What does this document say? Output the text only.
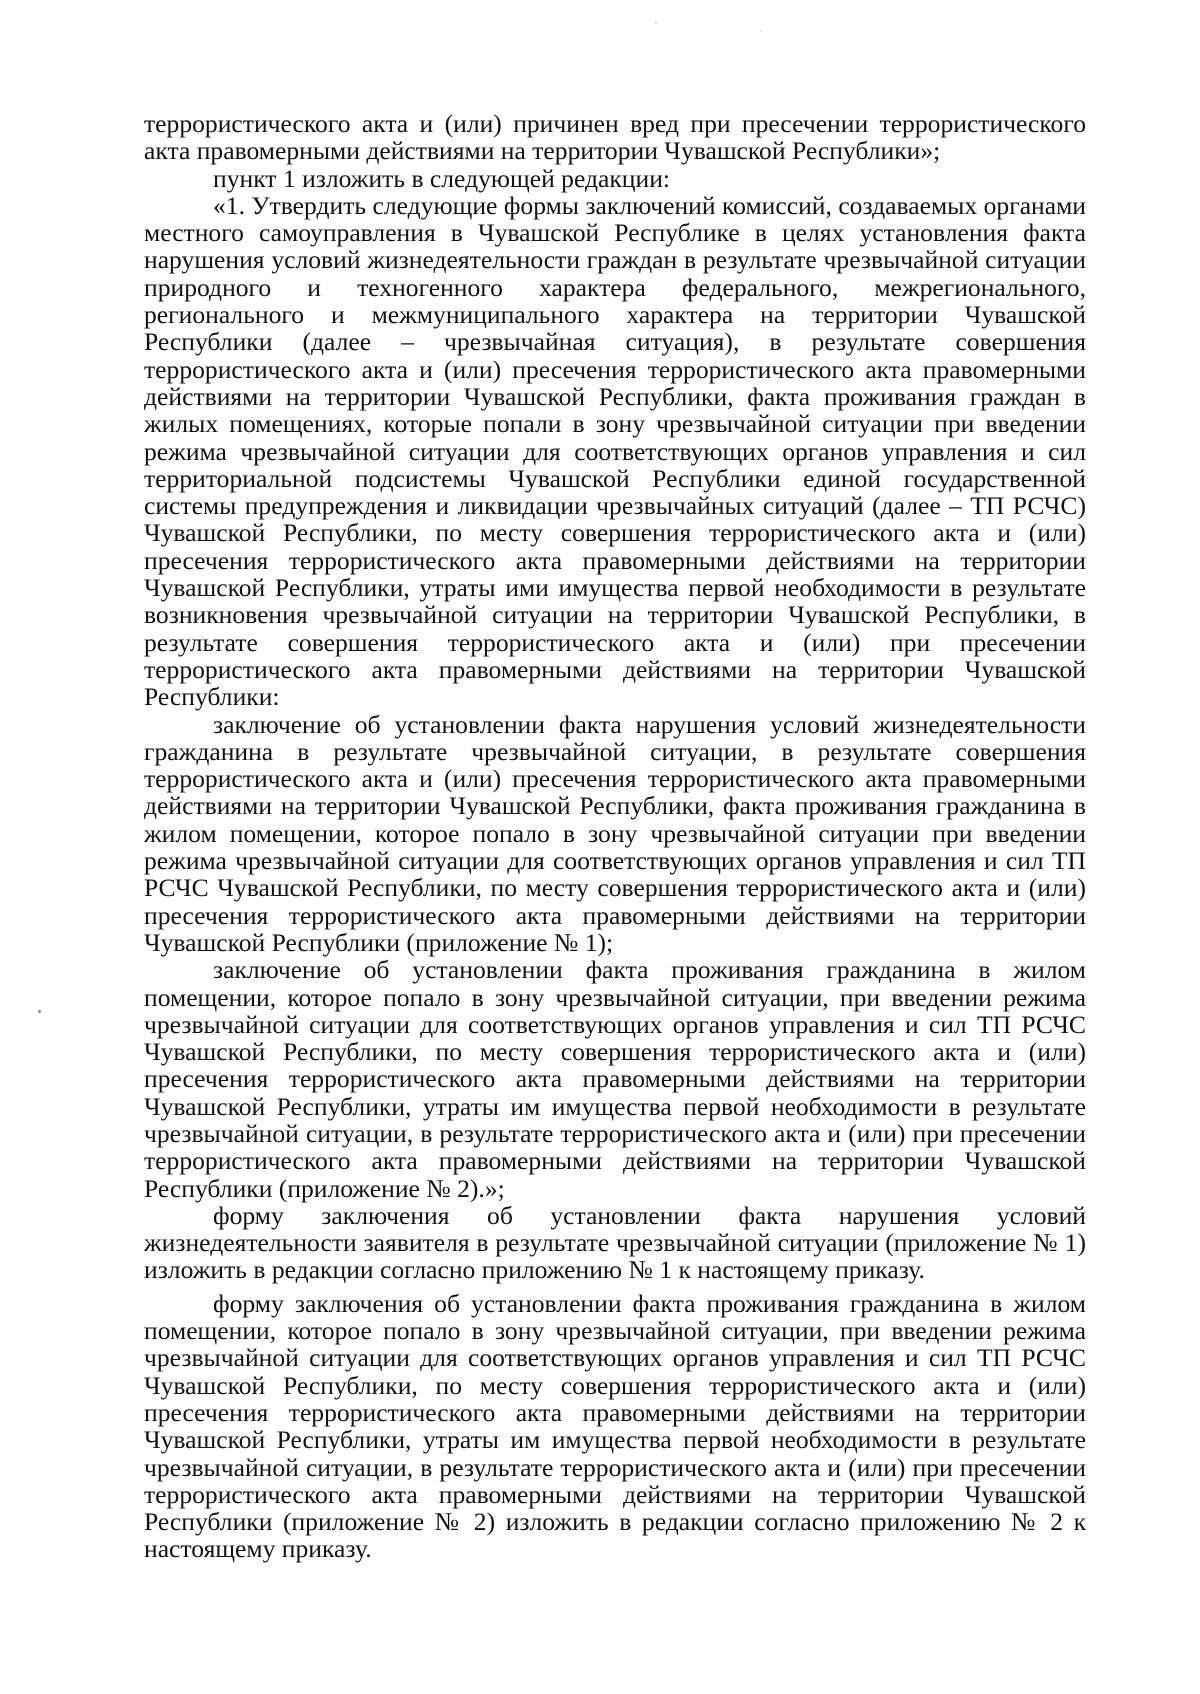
террористического акта и (или) причинен вред при пресечении террористического акта правомерными действиями на территории Чувашской Республики»;

пункт 1 изложить в следующей редакции:

«1. Утвердить следующие формы заключений комиссий, создаваемых органами местного самоуправления в Чувашской Республике в целях установления факта нарушения условий жизнедеятельности граждан в результате чрезвычайной ситуации природного и техногенного характера федерального, межрегионального, регионального и межмуниципального характера на территории Чувашской Республики (далее – чрезвычайная ситуация), в результате совершения террористического акта и (или) пресечения террористического акта правомерными действиями на территории Чувашской Республики, факта проживания граждан в жилых помещениях, которые попали в зону чрезвычайной ситуации при введении режима чрезвычайной ситуации для соответствующих органов управления и сил территориальной подсистемы Чувашской Республики единой государственной системы предупреждения и ликвидации чрезвычайных ситуаций (далее – ТП РСЧС) Чувашской Республики, по месту совершения террористического акта и (или) пресечения террористического акта правомерными действиями на территории Чувашской Республики, утраты ими имущества первой необходимости в результате возникновения чрезвычайной ситуации на территории Чувашской Республики, в результате совершения террористического акта и (или) при пресечении террористического акта правомерными действиями на территории Чувашской Республики:

заключение об установлении факта нарушения условий жизнедеятельности гражданина в результате чрезвычайной ситуации, в результате совершения террористического акта и (или) пресечения террористического акта правомерными действиями на территории Чувашской Республики, факта проживания гражданина в жилом помещении, которое попало в зону чрезвычайной ситуации при введении режима чрезвычайной ситуации для соответствующих органов управления и сил ТП РСЧС Чувашской Республики, по месту совершения террористического акта и (или) пресечения террористического акта правомерными действиями на территории Чувашской Республики (приложение № 1);

заключение об установлении факта проживания гражданина в жилом помещении, которое попало в зону чрезвычайной ситуации, при введении режима чрезвычайной ситуации для соответствующих органов управления и сил ТП РСЧС Чувашской Республики, по месту совершения террористического акта и (или) пресечения террористического акта правомерными действиями на территории Чувашской Республики, утраты им имущества первой необходимости в результате чрезвычайной ситуации, в результате террористического акта и (или) при пресечении террористического акта правомерными действиями на территории Чувашской Республики (приложение № 2).»;

форму заключения об установлении факта нарушения условий жизнедеятельности заявителя в результате чрезвычайной ситуации (приложение № 1) изложить в редакции согласно приложению № 1 к настоящему приказу.

форму заключения об установлении факта проживания гражданина в жилом помещении, которое попало в зону чрезвычайной ситуации, при введении режима чрезвычайной ситуации для соответствующих органов управления и сил ТП РСЧС Чувашской Республики, по месту совершения террористического акта и (или) пресечения террористического акта правомерными действиями на территории Чувашской Республики, утраты им имущества первой необходимости в результате чрезвычайной ситуации, в результате террористического акта и (или) при пресечении террористического акта правомерными действиями на территории Чувашской Республики (приложение № 2) изложить в редакции согласно приложению № 2 к настоящему приказу.
